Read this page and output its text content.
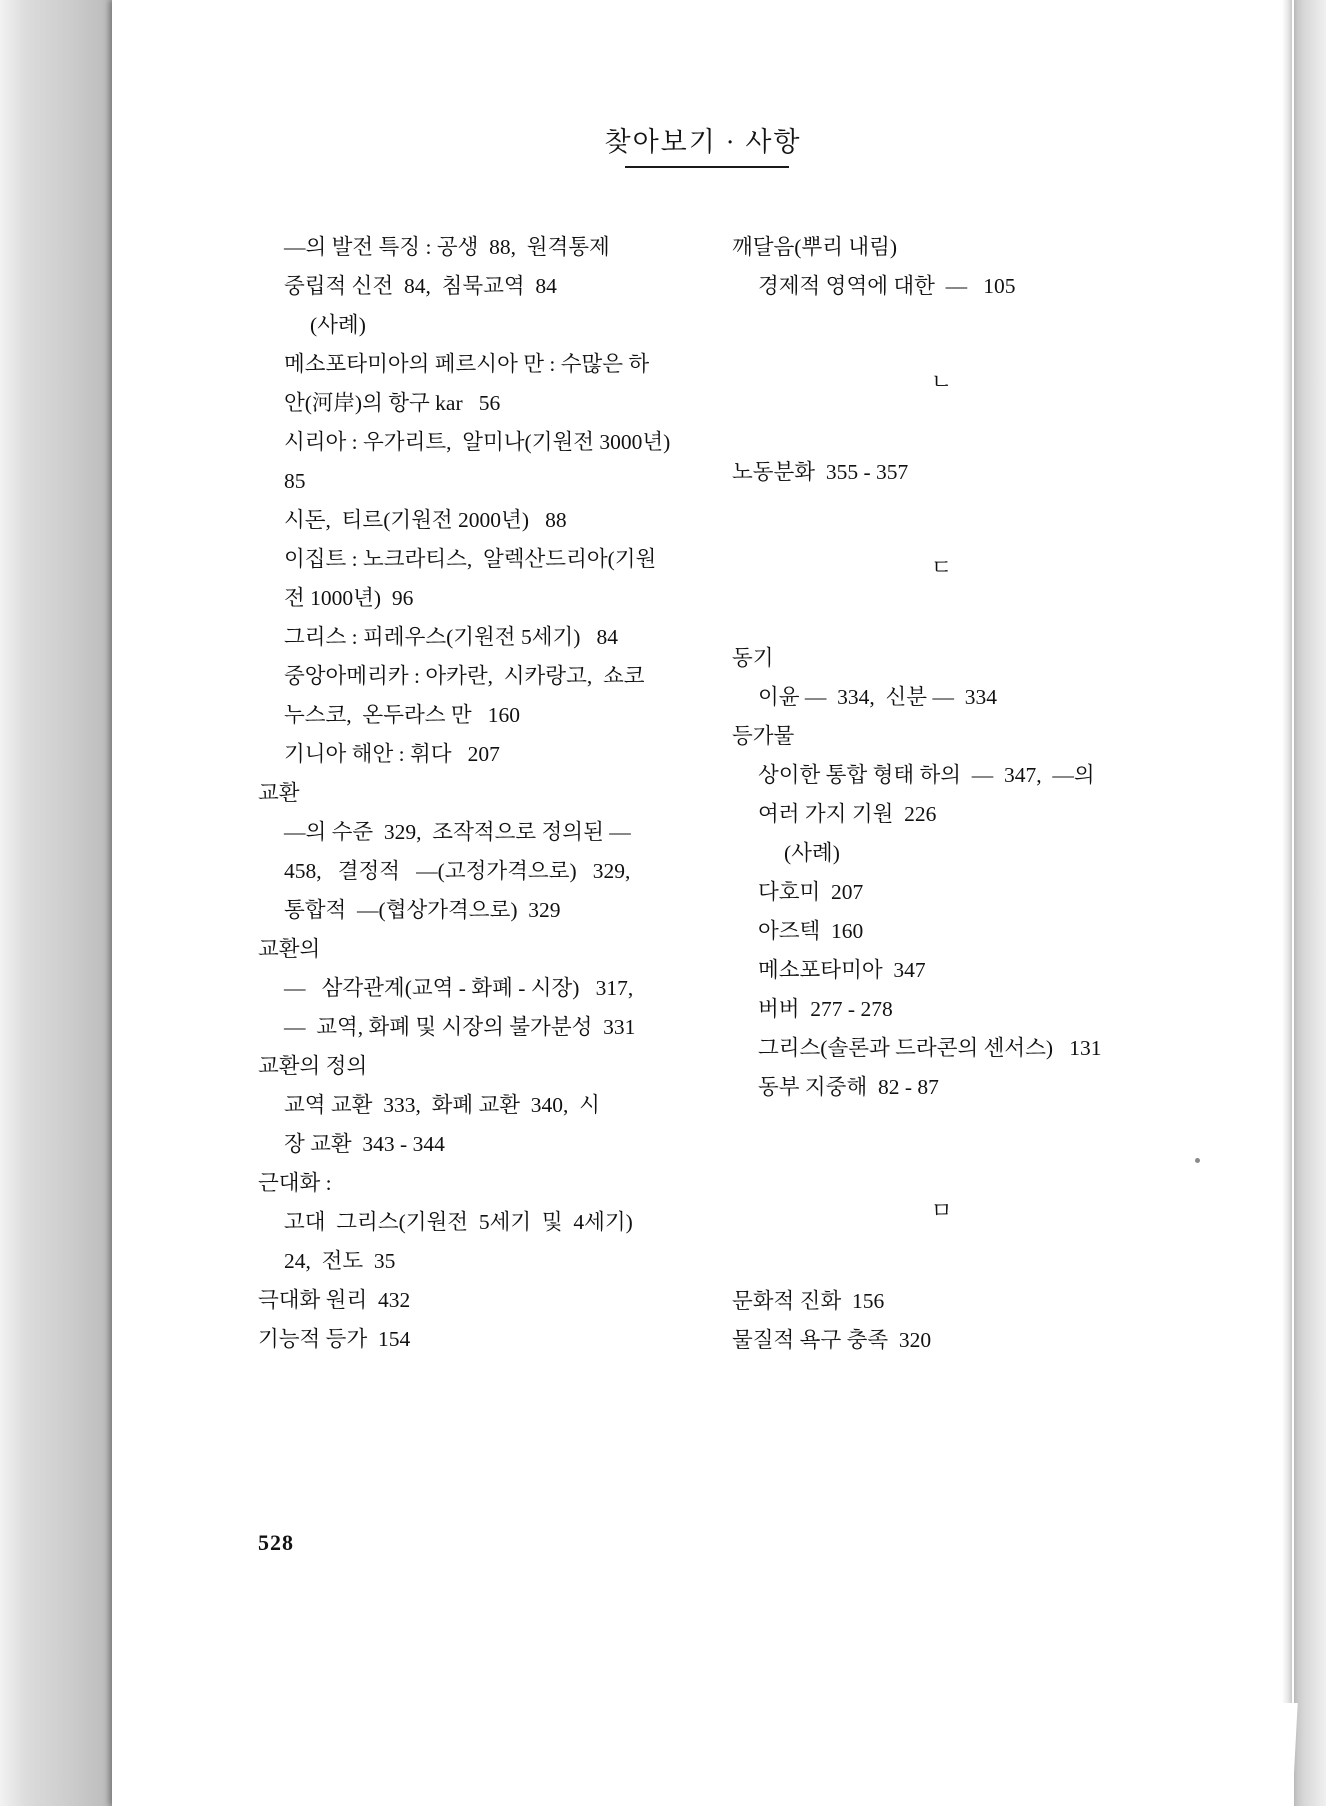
찾아보기 · 사항
—의 발전 특징 : 공생  88,  원격통제
중립적 신전  84,  침묵교역  84
(사례)
메소포타미아의 페르시아 만 : 수많은 하
안(河岸)의 항구 kar   56
시리아 : 우가리트,  알미나(기원전 3000년)
85
시돈,  티르(기원전 2000년)   88
이집트 : 노크라티스,  알렉산드리아(기원
전 1000년)  96
그리스 : 피레우스(기원전 5세기)   84
중앙아메리카 : 아카란,  시카랑고,  쇼코
누스코,  온두라스 만   160
기니아 해안 : 휘다   207
교환
—의 수준  329,  조작적으로 정의된 —
458,   결정적   —(고정가격으로)   329,
통합적  —(협상가격으로)  329
교환의
—   삼각관계(교역 - 화폐 - 시장)   317,
—  교역, 화폐 및 시장의 불가분성  331
교환의 정의
교역 교환  333,  화폐 교환  340,  시
장 교환  343 - 344
근대화 :
고대  그리스(기원전  5세기  및  4세기)
24,  전도  35
극대화 원리  432
기능적 등가  154
깨달음(뿌리 내림)
경제적 영역에 대한  —   105
ㄴ
노동분화  355 - 357
ㄷ
동기
이윤 —  334,  신분 —  334
등가물
상이한 통합 형태 하의  —  347,  —의
여러 가지 기원  226
(사례)
다호미  207
아즈텍  160
메소포타미아  347
버버  277 - 278
그리스(솔론과 드라콘의 센서스)   131
동부 지중해  82 - 87
ㅁ
문화적 진화  156
물질적 욕구 충족  320
528
